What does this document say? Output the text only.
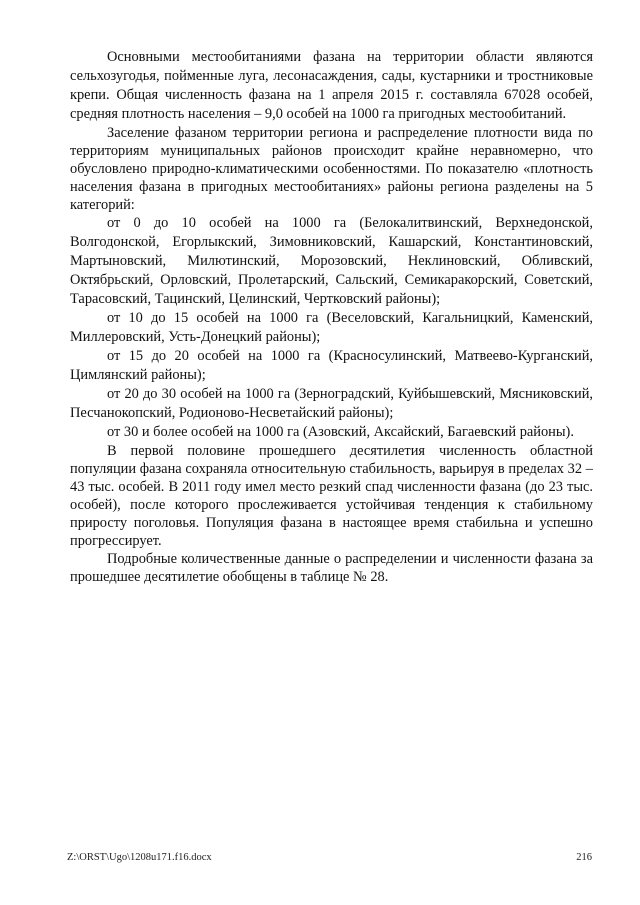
Основными местообитаниями фазана на территории области являются сельхозугодья, пойменные луга, лесонасаждения, сады, кустарники и тростниковые крепи. Общая численность фазана на 1 апреля 2015 г. составляла 67028 особей, средняя плотность населения – 9,0 особей на 1000 га пригодных местообитаний.

Заселение фазаном территории региона и распределение плотности вида по территориям муниципальных районов происходит крайне неравномерно, что обусловлено природно-климатическими особенностями. По показателю «плотность населения фазана в пригодных местообитаниях» районы региона разделены на 5 категорий:

от 0 до 10 особей на 1000 га (Белокалитвинский, Верхнедонской, Волгодонской, Егорлыкский, Зимовниковский, Кашарский, Константиновский, Мартыновский, Милютинский, Морозовский, Неклиновский, Обливский, Октябрьский, Орловский, Пролетарский, Сальский, Семикаракорский, Советский, Тарасовский, Тацинский, Целинский, Чертковский районы);

от 10 до 15 особей на 1000 га (Веселовский, Кагальницкий, Каменский, Миллеровский, Усть-Донецкий районы);

от 15 до 20 особей на 1000 га (Красносулинский, Матвеево-Курганский, Цимлянский районы);

от 20 до 30 особей на 1000 га (Зерноградский, Куйбышевский, Мясниковский, Песчанокопский, Родионово-Несветайский районы);

от 30 и более особей на 1000 га (Азовский, Аксайский, Багаевский районы).

В первой половине прошедшего десятилетия численность областной популяции фазана сохраняла относительную стабильность, варьируя в пределах 32 – 43 тыс. особей. В 2011 году имел место резкий спад численности фазана (до 23 тыс. особей), после которого прослеживается устойчивая тенденция к стабильному приросту поголовья. Популяция фазана в настоящее время стабильна и успешно прогрессирует.

Подробные количественные данные о распределении и численности фазана за прошедшее десятилетие обобщены в таблице № 28.

Z:\ORST\Ugo\1208u171.f16.docx	216
